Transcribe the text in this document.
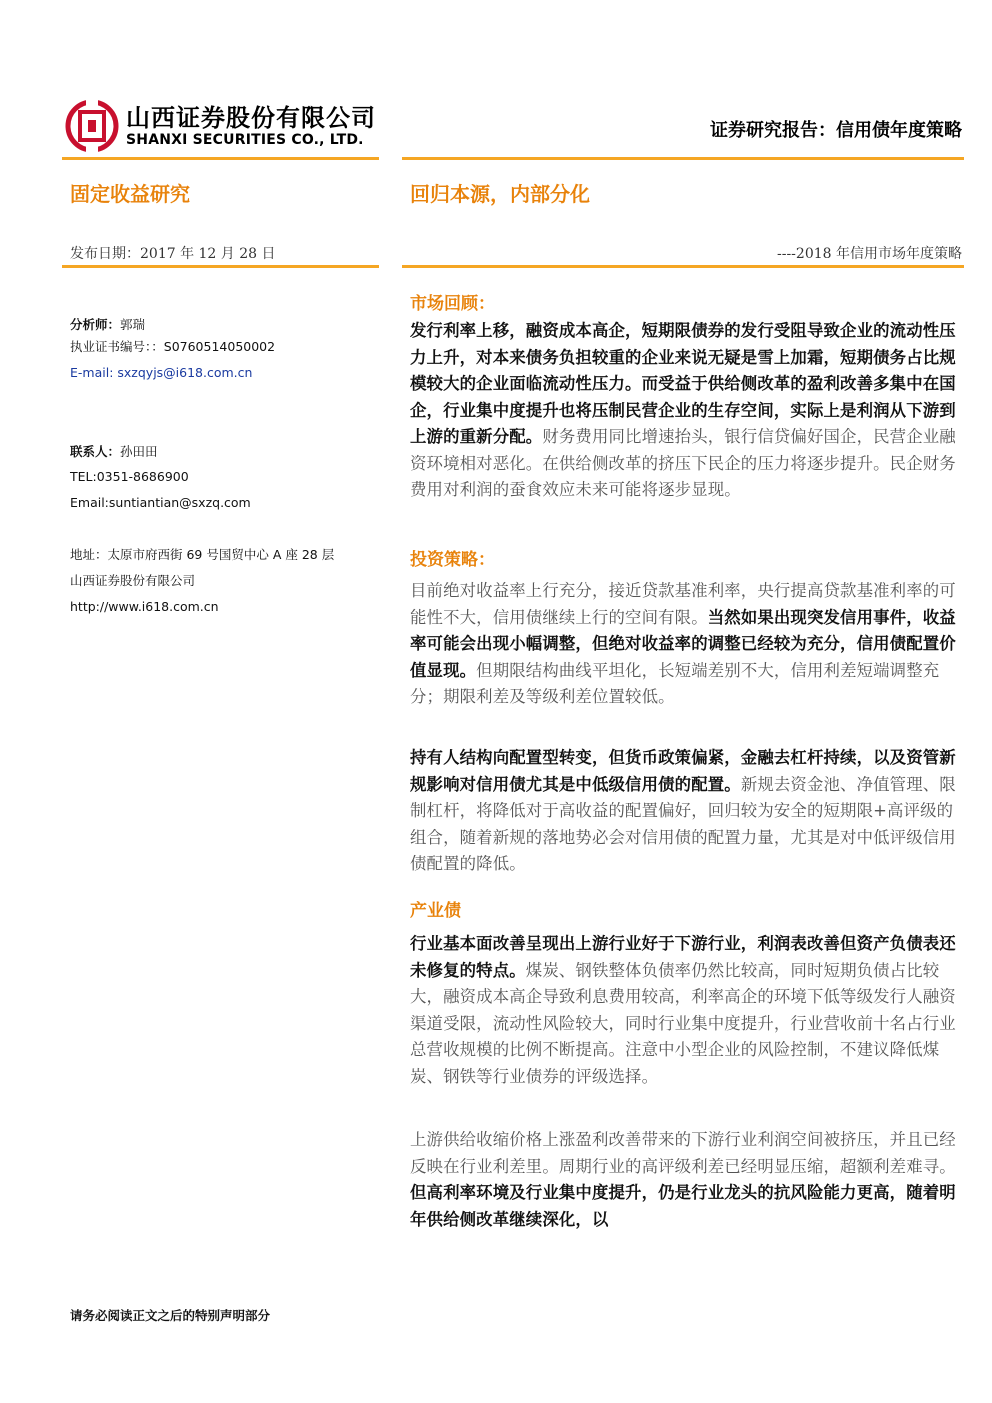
山西证券股份有限公司
SHANXI SECURITIES CO., LTD.	证券研究报告：信用债年度策略
固定收益研究	回归本源，内部分化
发布日期：2017 年 12 月 28 日	----2018 年信用市场年度策略
分析师：郭瑞
执业证书编号：：S0760514050002
E-mail: sxzqyjs@i618.com.cn
联系人：孙田田
TEL:0351-8686900
Email:suntiantian@sxzq.com
地址：太原市府西街 69 号国贸中心 A 座 28 层
山西证券股份有限公司
http://www.i618.com.cn
市场回顾：
发行利率上移，融资成本高企，短期限债券的发行受阻导致企业的流动性压力上升，对本来债务负担较重的企业来说无疑是雪上加霜，短期债务占比规模较大的企业面临流动性压力。而受益于供给侧改革的盈利改善多集中在国企，行业集中度提升也将压制民营企业的生存空间，实际上是利润从下游到上游的重新分配。财务费用同比增速抬头，银行信贷偏好国企，民营企业融资环境相对恶化。在供给侧改革的挤压下民企的压力将逐步提升。民企财务费用对利润的蚕食效应未来可能将逐步显现。
投资策略：
目前绝对收益率上行充分，接近贷款基准利率，央行提高贷款基准利率的可能性不大，信用债继续上行的空间有限。当然如果出现突发信用事件，收益率可能会出现小幅调整，但绝对收益率的调整已经较为充分，信用债配置价值显现。但期限结构曲线平坦化，长短端差别不大，信用利差短端调整充分；期限利差及等级利差位置较低。
持有人结构向配置型转变，但货币政策偏紧，金融去杠杆持续，以及资管新规影响对信用债尤其是中低级信用债的配置。新规去资金池、净值管理、限制杠杆，将降低对于高收益的配置偏好，回归较为安全的短期限+高评级的组合，随着新规的落地势必会对信用债的配置力量，尤其是对中低评级信用债配置的降低。
产业债
行业基本面改善呈现出上游行业好于下游行业，利润表改善但资产负债表还未修复的特点。煤炭、钢铁整体负债率仍然比较高，同时短期负债占比较大，融资成本高企导致利息费用较高，利率高企的环境下低等级发行人融资渠道受限，流动性风险较大，同时行业集中度提升，行业营收前十名占行业总营收规模的比例不断提高。注意中小型企业的风险控制，不建议降低煤炭、钢铁等行业债券的评级选择。
上游供给收缩价格上涨盈利改善带来的下游行业利润空间被挤压，并且已经反映在行业利差里。周期行业的高评级利差已经明显压缩，超额利差难寻。但高利率环境及行业集中度提升，仍是行业龙头的抗风险能力更高，随着明年供给侧改革继续深化，以
请务必阅读正文之后的特别声明部分
